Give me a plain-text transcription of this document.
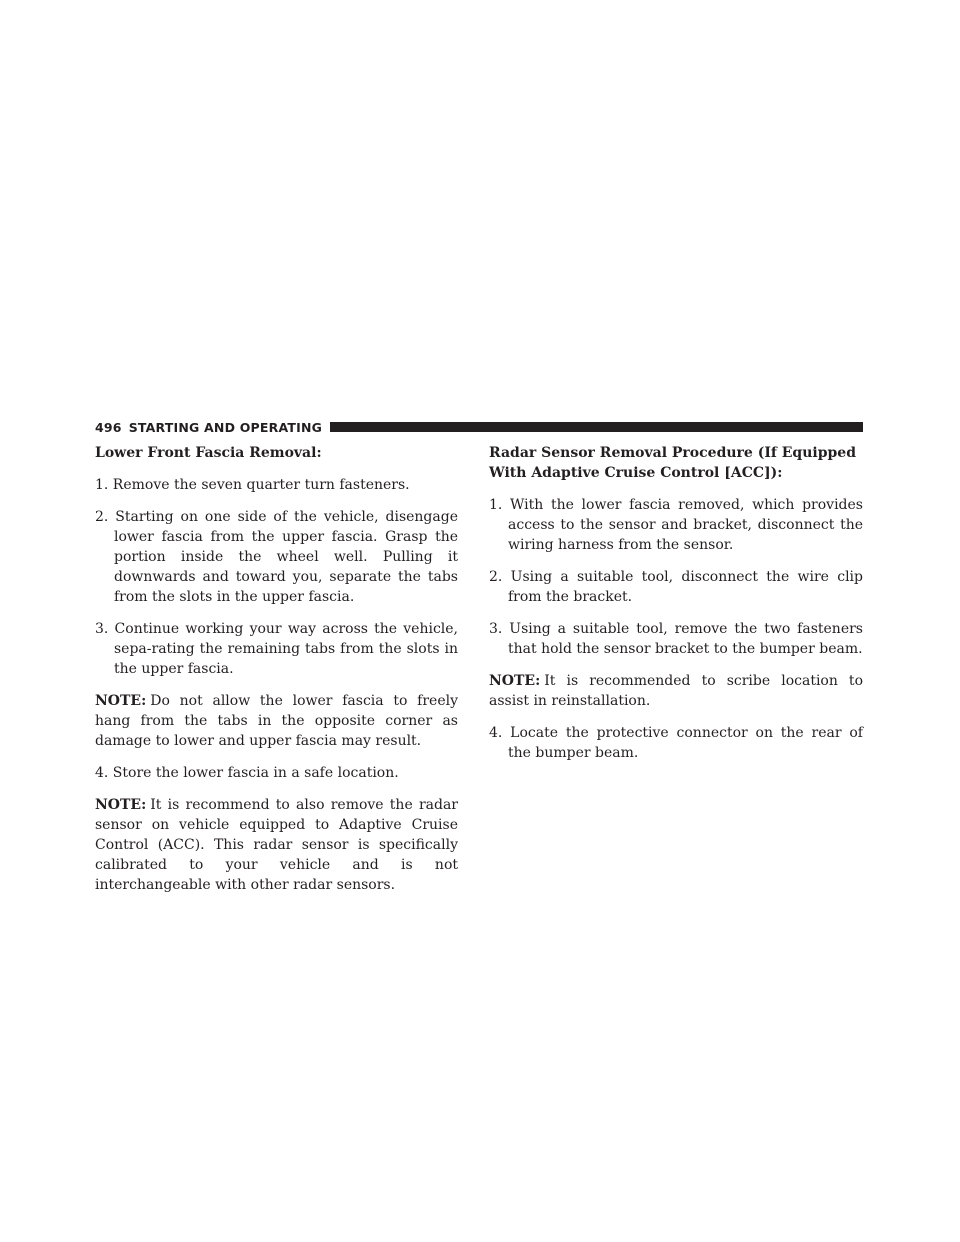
496 STARTING AND OPERATING

Lower Front Fascia Removal:

1. Remove the seven quarter turn fasteners.

2. Starting on one side of the vehicle, disengage lower fascia from the upper fascia. Grasp the portion inside the wheel well. Pulling it downwards and toward you, separate the tabs from the slots in the upper fascia.

3. Continue working your way across the vehicle, sepa-rating the remaining tabs from the slots in the upper fascia.

NOTE: Do not allow the lower fascia to freely hang from the tabs in the opposite corner as damage to lower and upper fascia may result.

4. Store the lower fascia in a safe location.

NOTE: It is recommend to also remove the radar sensor on vehicle equipped to Adaptive Cruise Control (ACC). This radar sensor is specifically calibrated to your vehicle and is not interchangeable with other radar sensors.

Radar Sensor Removal Procedure (If Equipped With Adaptive Cruise Control [ACC]):

1. With the lower fascia removed, which provides access to the sensor and bracket, disconnect the wiring harness from the sensor.

2. Using a suitable tool, disconnect the wire clip from the bracket.

3. Using a suitable tool, remove the two fasteners that hold the sensor bracket to the bumper beam.

NOTE: It is recommended to scribe location to assist in reinstallation.

4. Locate the protective connector on the rear of the bumper beam.
